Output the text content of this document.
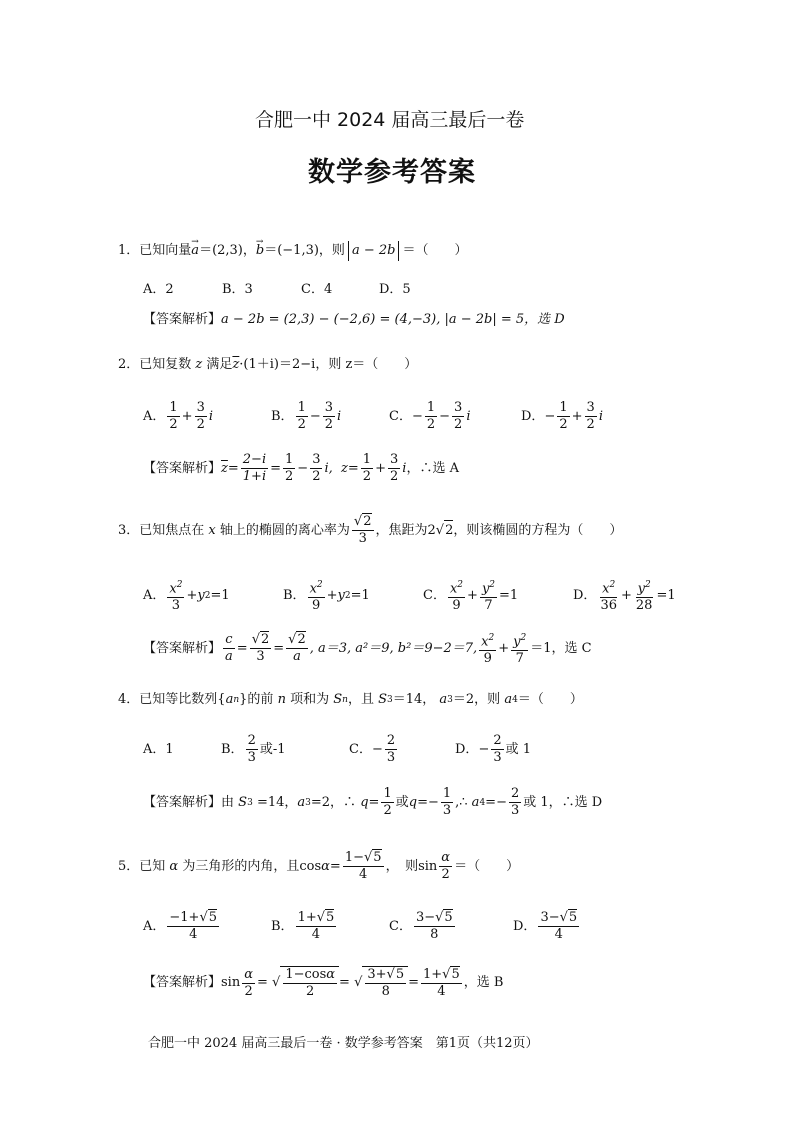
合肥一中 2024 届高三最后一卷
数学参考答案
1． 已知向量 → a ＝(2,3)， → b ＝(−1,3)，则 a − 2b ＝（　　）
A．2	B．3	C．4	D．5
【答案解析】 a − 2b = (2,3) − (−2,6) = (4,−3), |a − 2b| = 5，选 D
2． 已知复数 z 满足 $\overline{z} \cdot(1+i)=2-i$，则 z＝（　　）
A． $\frac{1}{2} + \frac{3}{2}$ i	B． $\frac{1}{2} - \frac{3}{2}$ i	C． − $\frac{1}{2} - \frac{3}{2}$ i	D． − $\frac{1}{2} + \frac{3}{2}$ i
【答案解析】 $\overline{z} = \frac{2-i}{1+i} = \frac{1}{2} - \frac{3}{2} i$,  $z = \frac{1}{2} + \frac{3}{2}$ i ，∴选 A
3． 已知焦点在 x 轴上的椭圆的离心率为 $\frac{√2}{3}$ ，焦距为 2√ 2 ，则该椭圆的方程为（　　）
A． $\frac{x^2}{3} + y$ 2 =1	B． $\frac{x^2}{9} + y$ 2 =1	C． $\frac{x^2}{9} + \frac{y^2}{7} =1$	D． $\frac{x^2}{36} + \frac{y^2}{28} =1$
【答案解析】 $\frac{c}{a} = \frac{√2}{3} = \frac{√2}{a}$ , a＝3, a²＝9, b²＝9−2＝7, $\frac{x^2}{9} + \frac{y^2}{7} =1$，选 C
4． 已知等比数列 { a n } 的前 n 项和为 S n ，且 S 3 ＝14， a 3 ＝2，则 a 4 ＝（　　）
A．1	B． $\frac{2}{3}$ 或-1	C． − $\frac{2}{3}$	D． − $\frac{2}{3}$ 或 1
【答案解析】 由 S 3
=14， a 3 =2，∴ $q = \frac{1}{2}$ 或 $q =- \frac{1}{3}$ ,∴ a $4 =- \frac{2}{3}$ 或 1，∴选 D
5． 已知 α 为三角形的内角，且 $\cos \alpha = \frac{1-√5}{4}$ ，　则 $\sin \frac{\alpha}{2}$ ＝（　　）
A． $\frac{-1+√5}{4}$	B． $\frac{1+√5}{4}$	C． $\frac{3-√5}{8}$	D． $\frac{3-√5}{4}$
【答案解析】 $\sin \frac{\alpha}{2}$ = √ $\frac{1-\cos\alpha}{2}$ = √ $\frac{3+√5}{8} = \frac{1+√5}{4}$ ，选 B
合肥一中 2024 届高三最后一卷 · 数学参考答案　第1页（共12页）
